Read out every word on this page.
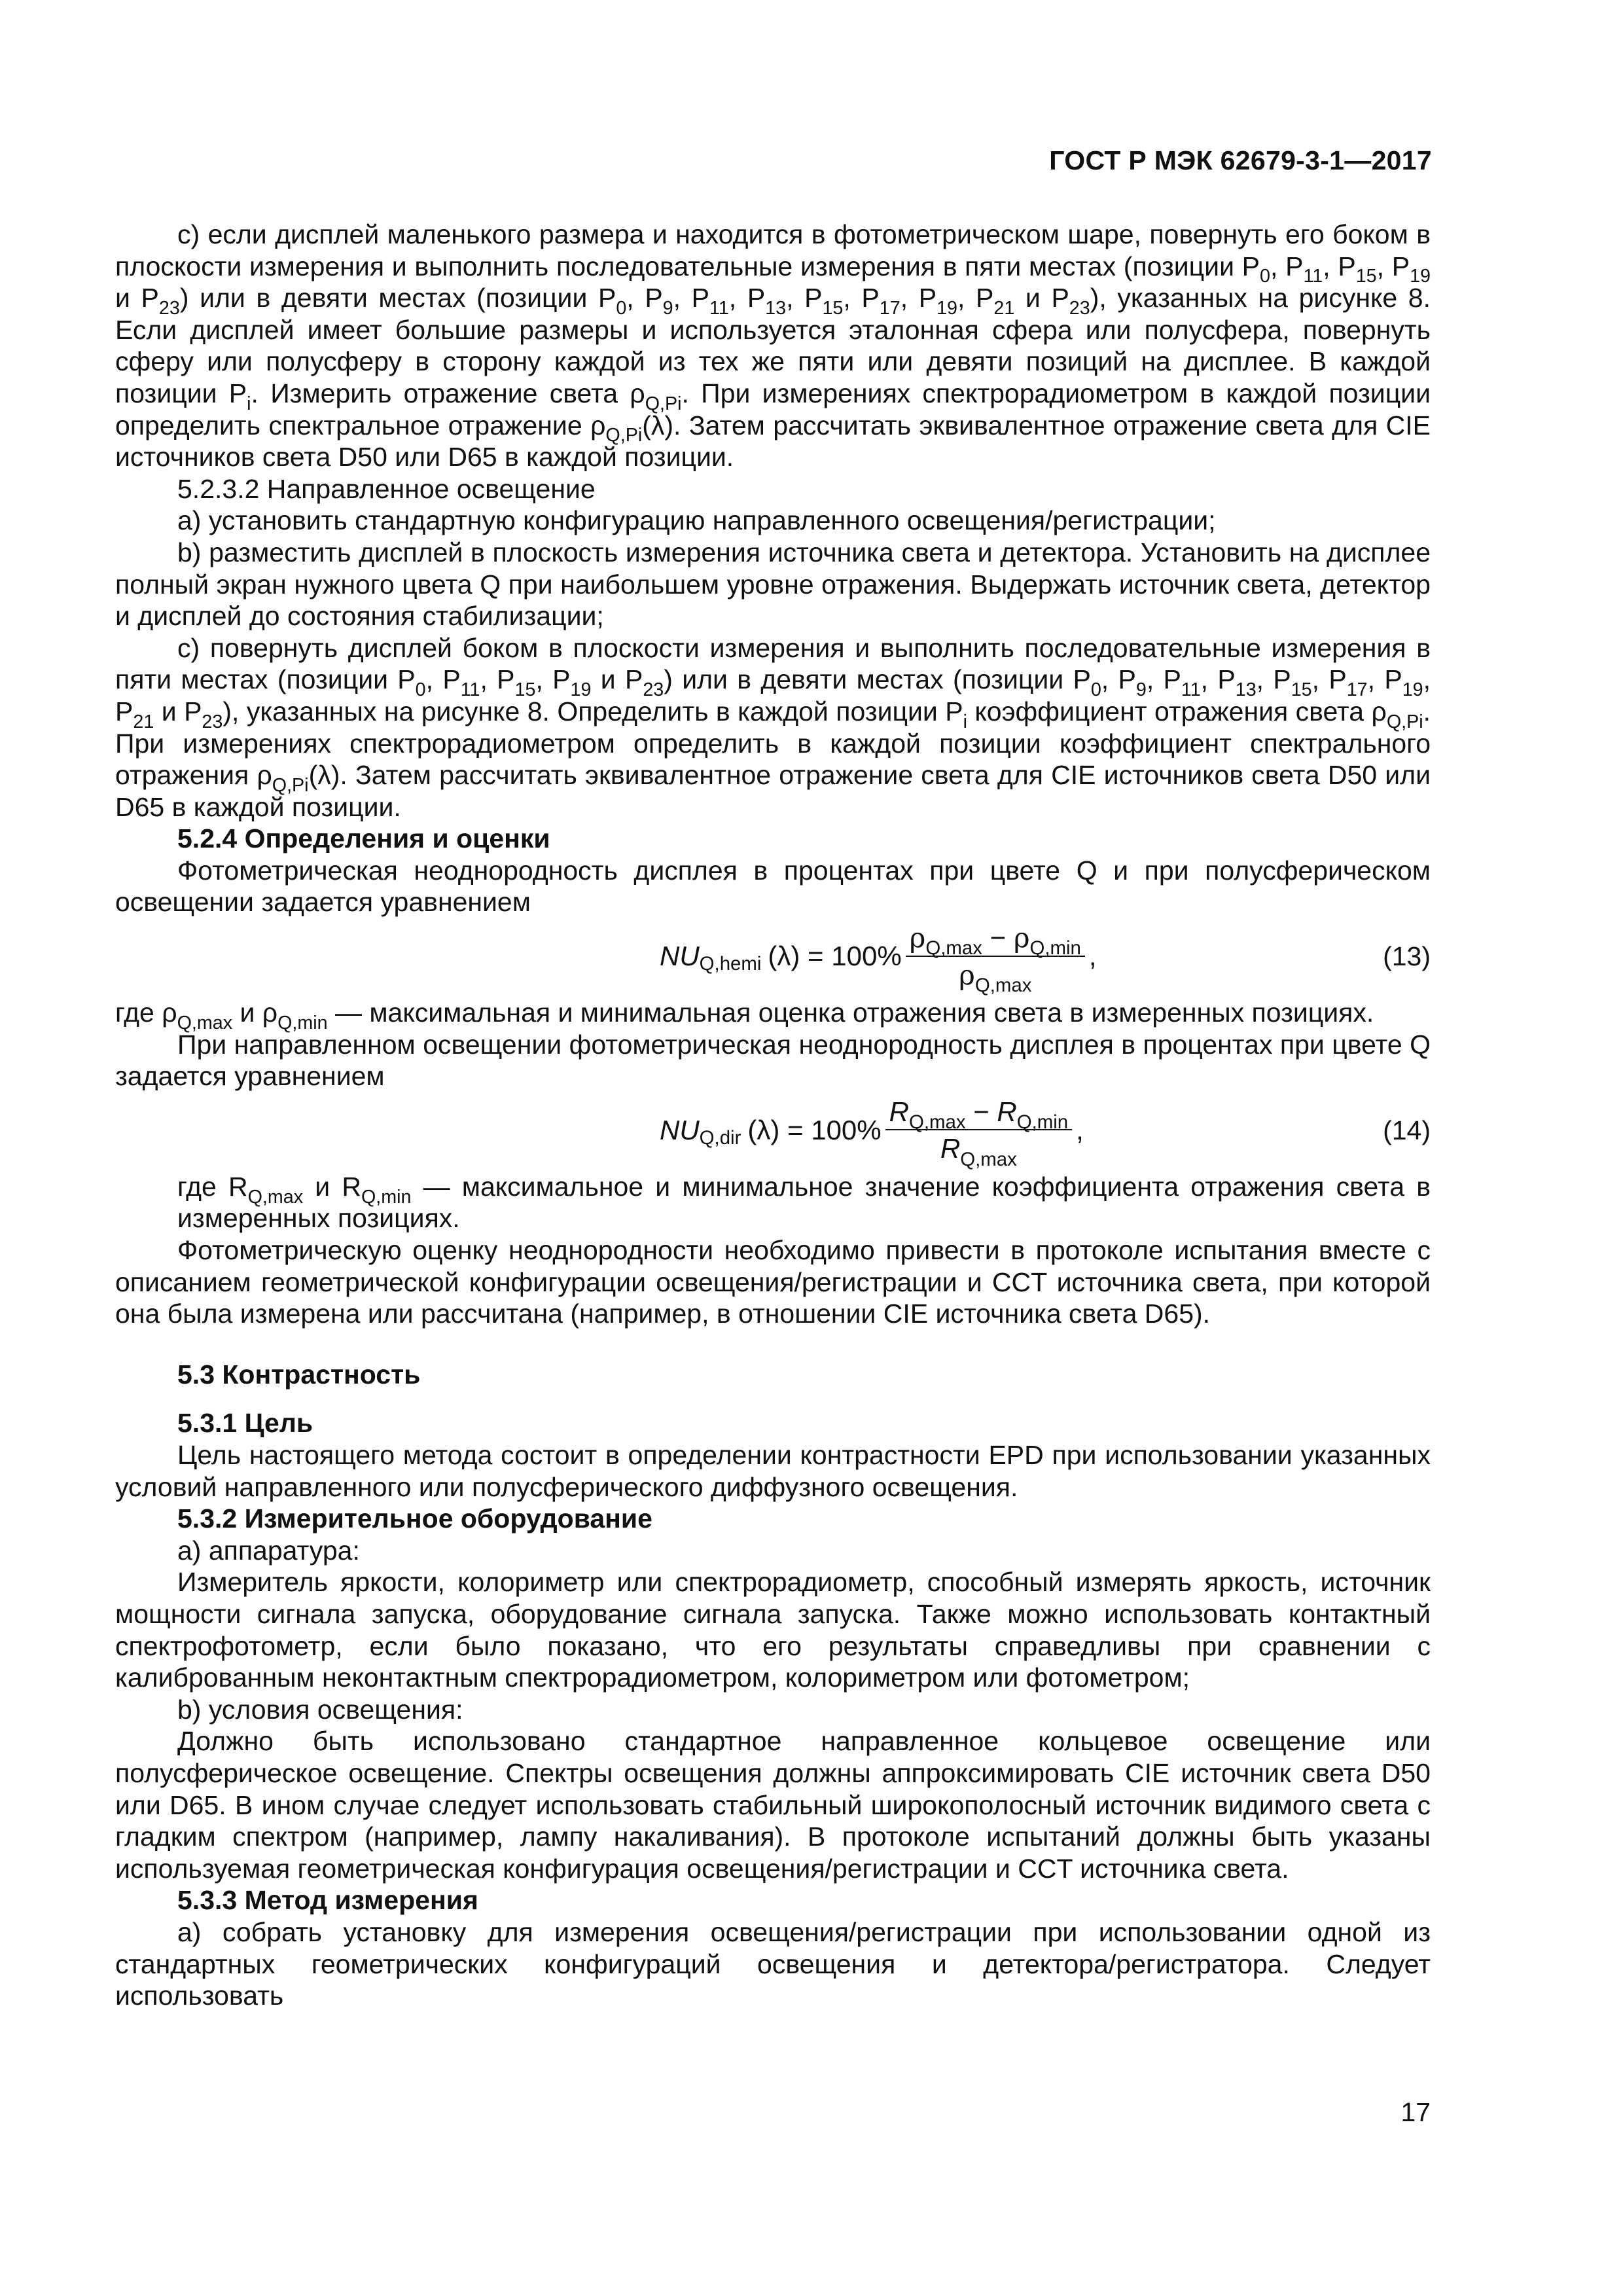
ГОСТ Р МЭК 62679-3-1—2017

c) если дисплей маленького размера и находится в фотометрическом шаре, повернуть его боком в плоскости измерения и выполнить последовательные измерения в пяти местах (позиции $P_0$, $P_{11}$, $P_{15}$, $P_{19}$ и $P_{23}$) или в девяти местах (позиции $P_0$, $P_9$, $P_{11}$, $P_{13}$, $P_{15}$, $P_{17}$, $P_{19}$, $P_{21}$ и $P_{23}$), указанных на рисунке 8. Если дисплей имеет большие размеры и используется эталонная сфера или полусфера, повернуть сферу или полусферу в сторону каждой из тех же пяти или девяти позиций на дисплее. В каждой позиции $P_i$. Измерить отражение света $\rho_{Q,Pi}$. При измерениях спектрорадиометром в каждой позиции определить спектральное отражение $\rho_{Q,Pi}(\lambda)$. Затем рассчитать эквивалентное отражение света для CIE источников света D50 или D65 в каждой позиции.

5.2.3.2 Направленное освещение

a) установить стандартную конфигурацию направленного освещения/регистрации;

b) разместить дисплей в плоскость измерения источника света и детектора. Установить на дисплее полный экран нужного цвета Q при наибольшем уровне отражения. Выдержать источник света, детектор и дисплей до состояния стабилизации;

c) повернуть дисплей боком в плоскости измерения и выполнить последовательные измерения в пяти местах (позиции $P_0$, $P_{11}$, $P_{15}$, $P_{19}$ и $P_{23}$) или в девяти местах (позиции $P_0$, $P_9$, $P_{11}$, $P_{13}$, $P_{15}$, $P_{17}$, $P_{19}$, $P_{21}$ и $P_{23}$), указанных на рисунке 8. Определить в каждой позиции $P_i$ коэффициент отражения света $\rho_{Q,Pi}$. При измерениях спектрорадиометром определить в каждой позиции коэффициент спектрального отражения $\rho_{Q,Pi}(\lambda)$. Затем рассчитать эквивалентное отражение света для CIE источников света D50 или D65 в каждой позиции.

5.2.4 Определения и оценки

Фотометрическая неоднородность дисплея в процентах при цвете Q и при полусферическом освещении задается уравнением

$NU_{Q,hemi}$ $(\lambda) = 100\% \frac{\rho_{Q,max} - \rho_{Q,min}}{\rho_{Q,max}}$ ,	(13)

где $\rho_{Q,max}$ и $\rho_{Q,min}$ — максимальная и минимальная оценка отражения света в измеренных позициях.

При направленном освещении фотометрическая неоднородность дисплея в процентах при цвете Q задается уравнением

$NU_{Q,dir}$ $(\lambda) = 100\% \frac{R_{Q,max} - R_{Q,min}}{R_{Q,max}}$ ,	(14)

где $R_{Q,max}$ и $R_{Q,min}$ — максимальное и минимальное значение коэффициента отражения света в измеренных позициях.

Фотометрическую оценку неоднородности необходимо привести в протоколе испытания вместе с описанием геометрической конфигурации освещения/регистрации и CCT источника света, при которой она была измерена или рассчитана (например, в отношении CIE источника света D65).

5.3 Контрастность

5.3.1 Цель

Цель настоящего метода состоит в определении контрастности EPD при использовании указанных условий направленного или полусферического диффузного освещения.

5.3.2 Измерительное оборудование

a) аппаратура:

Измеритель яркости, колориметр или спектрорадиометр, способный измерять яркость, источник мощности сигнала запуска, оборудование сигнала запуска. Также можно использовать контактный спектрофотометр, если было показано, что его результаты справедливы при сравнении с калиброванным неконтактным спектрорадиометром, колориметром или фотометром;

b) условия освещения:

Должно быть использовано стандартное направленное кольцевое освещение или полусферическое освещение. Спектры освещения должны аппроксимировать CIE источник света D50 или D65. В ином случае следует использовать стабильный широкополосный источник видимого света с гладким спектром (например, лампу накаливания). В протоколе испытаний должны быть указаны используемая геометрическая конфигурация освещения/регистрации и CCT источника света.

5.3.3 Метод измерения

a) собрать установку для измерения освещения/регистрации при использовании одной из стандартных геометрических конфигураций освещения и детектора/регистратора. Следует использовать

17
